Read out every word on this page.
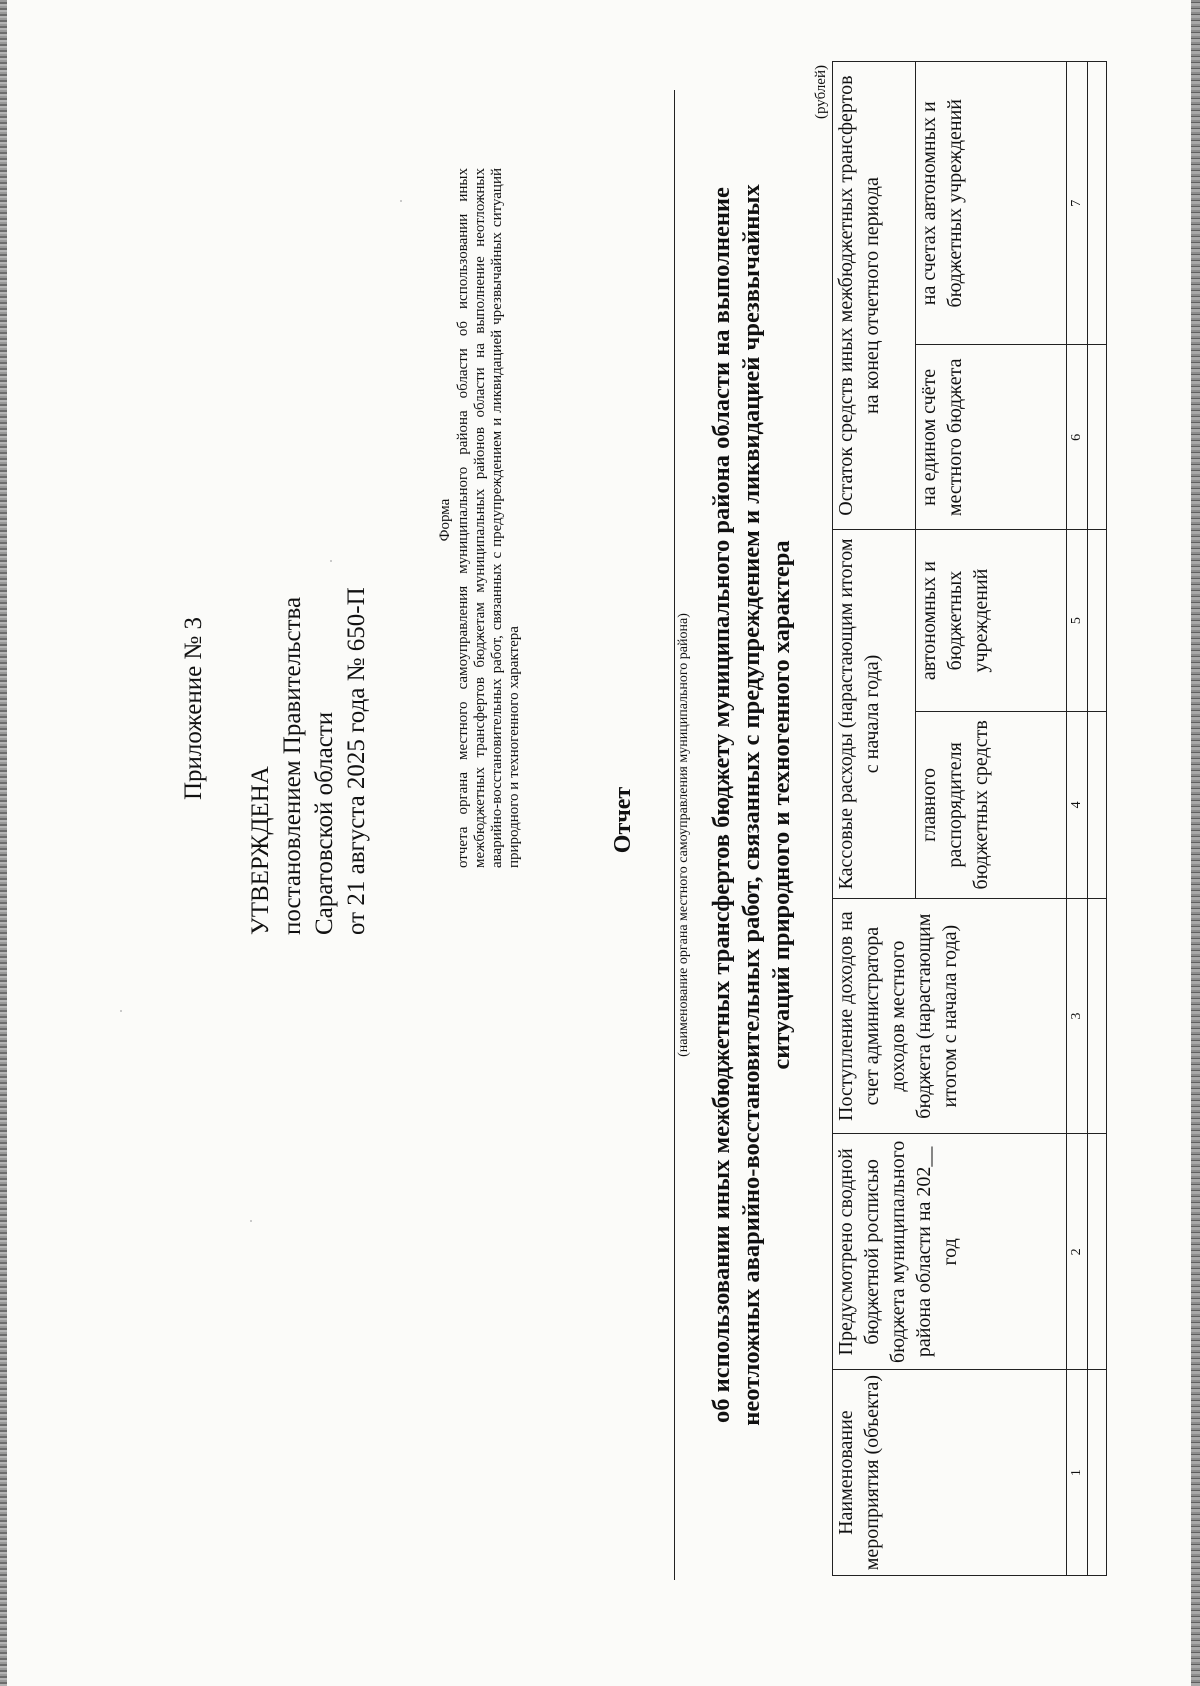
Приложение № 3
УТВЕРЖДЕНА постановлением Правительства Саратовской области от 21 августа 2025 года № 650-П
Форма отчета органа местного самоуправления муниципального района области об использовании иных межбюджетных трансфертов бюджетам муниципальных районов области на выполнение неотложных аварийно-восстановительных работ, связанных с предупреждением и ликвидацией чрезвычайных ситуаций природного и техногенного характера	Отчет	(наименование органа местного самоуправления муниципального района) об использовании иных межбюджетных трансфертов бюджету муниципального района области на выполнение неотложных аварийно-восстановительных работ, связанных с предупреждением и ликвидацией чрезвычайных ситуаций природного и техногенного характера
(рублей)
Наименование мероприятия (объекта)	Предусмотрено сводной бюджетной росписью бюджета муниципального района области на 202__ год	Поступление доходов на счет администратора доходов местного бюджета (нарастающим итогом с начала года)	Кассовые расходы (нарастающим итогом с начала года)		Остаток средств иных межбюджетных трансфертов на конец отчетного периода	
			главного распорядителя бюджетных средств	автономных и бюджетных учреждений	на едином счёте местного бюджета	на счетах автономных и бюджетных учреждений
1	2	3	4	5	6	7
